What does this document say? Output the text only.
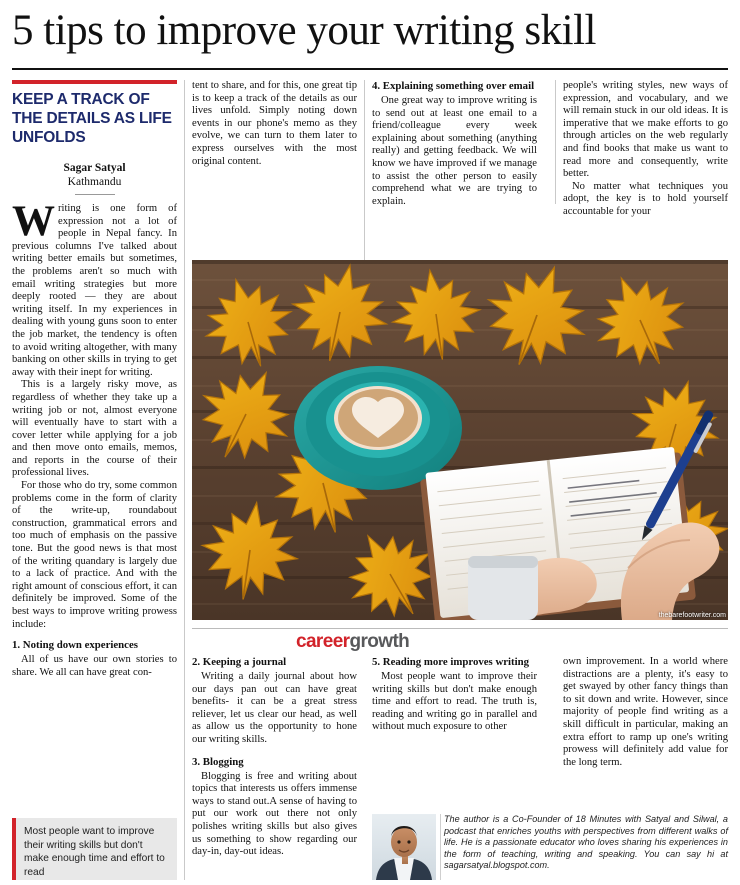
5 tips to improve your writing skill
KEEP A TRACK OF THE DETAILS AS LIFE UNFOLDS
Sagar Satyal
Kathmandu

Writing is one form of expression not a lot of people in Nepal fancy. In previous columns I've talked about writing better emails but sometimes, the problems aren't so much with email writing strategies but more deeply rooted — they are about writing itself. In my experiences in dealing with young guns soon to enter the job market, the tendency is often to avoid writing altogether, with many banking on other skills in trying to get away with their inept for writing.

This is a largely risky move, as regardless of whether they take up a writing job or not, almost everyone will eventually have to start with a cover letter while applying for a job and then move onto emails, memos, and reports in the course of their professional lives.

For those who do try, some common problems come in the form of clarity of the write-up, roundabout construction, grammatical errors and too much of emphasis on the passive tone. But the good news is that most of the writing quandary is largely due to a lack of practice. And with the right amount of conscious effort, it can definitely be improved. Some of the best ways to improve writing prowess include:

1. Noting down experiences

All of us have our own stories to share. We all can have great con-

Most people want to improve their writing skills but don't make enough time and effort to read

tent to share, and for this, one great tip is to keep a track of the details as our lives unfold. Simply noting down events in our phone's memo as they evolve, we can turn to them later to express ourselves with the most original content.

4. Explaining something over email

One great way to improve writing is to send out at least one email to a friend/colleague every week explaining about something (anything really) and getting feedback. We will know we have improved if we manage to assist the other person to easily comprehend what we are trying to explain.

people's writing styles, new ways of expression, and vocabulary, and we will remain stuck in our old ideas. It is imperative that we make efforts to go through articles on the web regularly and find books that make us want to read more and consequently, write better.

No matter what techniques you adopt, the key is to hold yourself accountable for your

thebarefootwriter.com
careergrowth
2. Keeping a journal

Writing a daily journal about how our days pan out can have great benefits- it can be a great stress reliever, let us clear our head, as well as allow us the opportunity to hone our writing skills.

3. Blogging

Blogging is free and writing about topics that interests us offers immense ways to stand out.A sense of having to put our work out there not only polishes writing skills but also gives us something to show regarding our day-in, day-out ideas.

5. Reading more improves writing

Most people want to improve their writing skills but don't make enough time and effort to read. The truth is, reading and writing go in parallel and without much exposure to other

own improvement. In a world where distractions are a plenty, it's easy to get swayed by other fancy things than to sit down and write. However, since majority of people find writing as a skill difficult in particular, making an extra effort to ramp up one's writing prowess will definitely add value for the long term.

The author is a Co-Founder of 18 Minutes with Satyal and Silwal, a podcast that enriches youths with perspectives from different walks of life. He is a passionate educator who loves sharing his experiences in the form of teaching, writing and speaking. You can say hi at sagarsatyal.blogspot.com.
